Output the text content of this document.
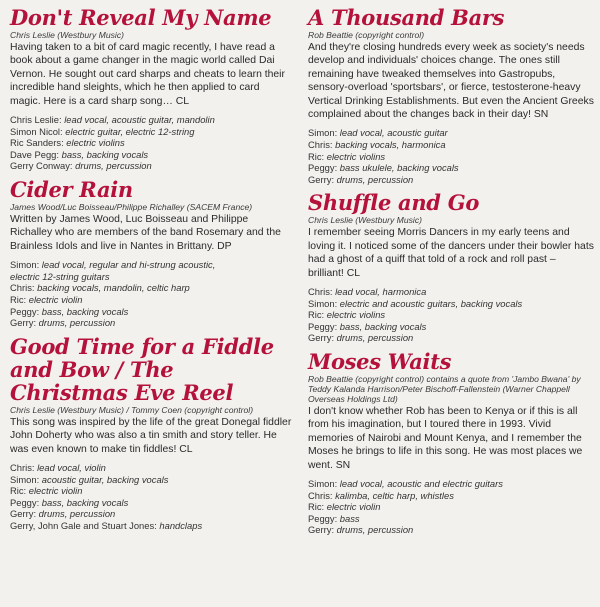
Don't Reveal My Name
Chris Leslie (Westbury Music)
Having taken to a bit of card magic recently, I have read a book about a game changer in the magic world called Dai Vernon. He sought out card sharps and cheats to learn their incredible hand sleights, which he then applied to card magic. Here is a card sharp song… CL
Chris Leslie: lead vocal, acoustic guitar, mandolin
Simon Nicol: electric guitar, electric 12-string
Ric Sanders: electric violins
Dave Pegg: bass, backing vocals
Gerry Conway: drums, percussion
Cider Rain
James Wood/Luc Boisseau/Philippe Richalley (SACEM France)
Written by James Wood, Luc Boisseau and Philippe Richalley who are members of the band Rosemary and the Brainless Idols and live in Nantes in Brittany. DP
Simon: lead vocal, regular and hi-strung acoustic,
electric 12-string guitars
Chris: backing vocals, mandolin, celtic harp
Ric: electric violin
Peggy: bass, backing vocals
Gerry: drums, percussion
Good Time for a Fiddle and Bow / The Christmas Eve Reel
Chris Leslie (Westbury Music) / Tommy Coen (copyright control)
This song was inspired by the life of the great Donegal fiddler John Doherty who was also a tin smith and story teller. He was even known to make tin fiddles! CL
Chris: lead vocal, violin
Simon: acoustic guitar, backing vocals
Ric: electric violin
Peggy: bass, backing vocals
Gerry: drums, percussion
Gerry, John Gale and Stuart Jones: handclaps
A Thousand Bars
Rob Beattie (copyright control)
And they're closing hundreds every week as society's needs develop and individuals' choices change. The ones still remaining have tweaked themselves into Gastropubs, sensory-overload 'sportsbars', or fierce, testosterone-heavy Vertical Drinking Establishments. But even the Ancient Greeks complained about the changes back in their day! SN
Simon: lead vocal, acoustic guitar
Chris: backing vocals, harmonica
Ric: electric violins
Peggy: bass ukulele, backing vocals
Gerry: drums, percussion
Shuffle and Go
Chris Leslie (Westbury Music)
I remember seeing Morris Dancers in my early teens and loving it. I noticed some of the dancers under their bowler hats had a ghost of a quiff that told of a rock and roll past – brilliant! CL
Chris: lead vocal, harmonica
Simon: electric and acoustic guitars, backing vocals
Ric: electric violins
Peggy: bass, backing vocals
Gerry: drums, percussion
Moses Waits
Rob Beattie (copyright control) contains a quote from 'Jambo Bwana' by Teddy Kalanda Harrison/Peter Bischoff-Fallenstein (Warner Chappell Overseas Holdings Ltd)
I don't know whether Rob has been to Kenya or if this is all from his imagination, but I toured there in 1993. Vivid memories of Nairobi and Mount Kenya, and I remember the Moses he brings to life in this song. He was most places we went. SN
Simon: lead vocal, acoustic and electric guitars
Chris: kalimba, celtic harp, whistles
Ric: electric violin
Peggy: bass
Gerry: drums, percussion
